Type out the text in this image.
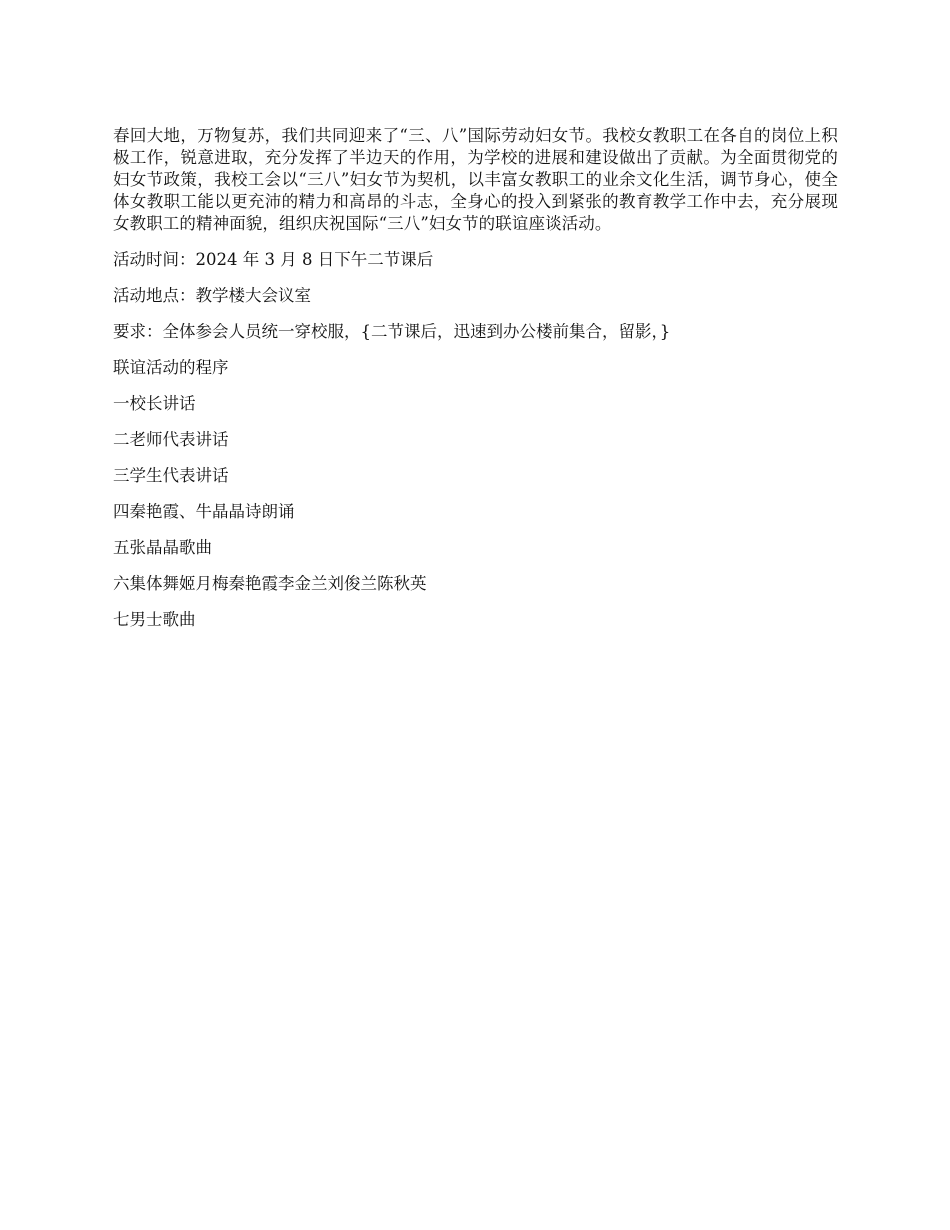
春回大地，万物复苏，我们共同迎来了“三、八”国际劳动妇女节。我校女教职工在各自的岗位上积极工作，锐意进取，充分发挥了半边天的作用，为学校的进展和建设做出了贡献。为全面贯彻党的妇女节政策，我校工会以“三八”妇女节为契机，以丰富女教职工的业余文化生活，调节身心，使全体女教职工能以更充沛的精力和高昂的斗志，全身心的投入到紧张的教育教学工作中去，充分展现女教职工的精神面貌，组织庆祝国际“三八”妇女节的联谊座谈活动。

活动时间：2024 年 3 月 8 日下午二节课后

活动地点：教学楼大会议室

要求：全体参会人员统一穿校服，{二节课后，迅速到办公楼前集合，留影，}

联谊活动的程序

一校长讲话

二老师代表讲话

三学生代表讲话

四秦艳霞、牛晶晶诗朗诵

五张晶晶歌曲

六集体舞姬月梅秦艳霞李金兰刘俊兰陈秋英

七男士歌曲
